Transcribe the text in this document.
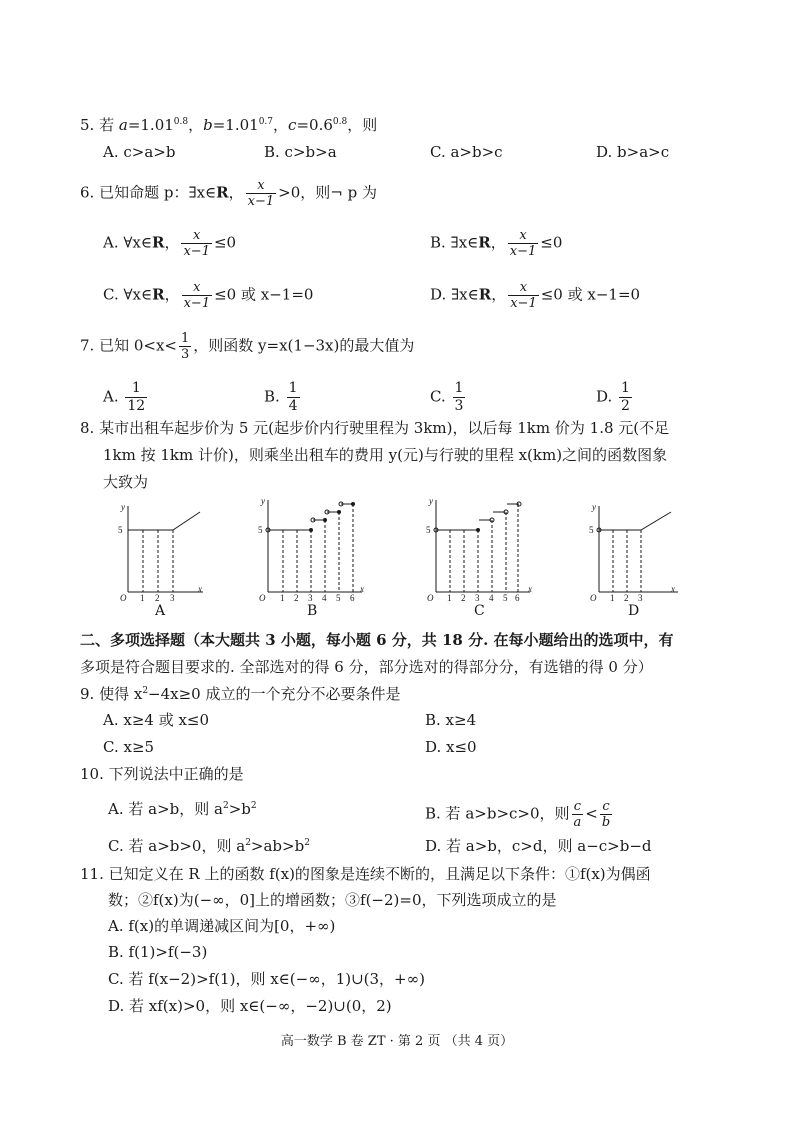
5. 若 $a=1.01^{0.8}$，$b=1.01^{0.7}$，$c=0.6^{0.8}$，则
A. c>a>b	B. c>b>a	C. a>b>c	D. b>a>c
6. 已知命题 p：∃x∈R， $\frac{x}{x-1} >0$，则¬ p 为
A. ∀x∈R， $\frac{x}{x-1} \le 0$	B. ∃x∈R， $\frac{x}{x-1} \le 0$
C. ∀x∈R， $\frac{x}{x-1} \le 0$ 或 x−1=0	D. ∃x∈R， $\frac{x}{x-1} \le 0$ 或 x−1=0
7. 已知 $0<x< \frac{1}{3}$ ，则函数 y=x(1−3x)的最大值为
A. $\frac{1}{12}$	B. $\frac{1}{4}$	C. $\frac{1}{3}$	D. $\frac{1}{2}$
8. 某市出租车起步价为 5 元(起步价内行驶里程为 3km)，以后每 1km 价为 1.8 元(不足
1km 按 1km 计价)，则乘坐出租车的费用 y(元)与行驶的里程 x(km)之间的函数图象
大致为
y
x
O
5
1 2 3
A
y
x
O
5
1 2 3 4 5 6
B
y
x
O
5
1 2 3 4 5 6
C
y
x
O
5
1 2 3
D
二、多项选择题（本大题共 3 小题，每小题 6 分，共 18 分. 在每小题给出的选项中，有
多项是符合题目要求的. 全部选对的得 6 分，部分选对的得部分分，有选错的得 0 分）
9. 使得 $x^2-4x\ge 0$ 成立的一个充分不必要条件是
A. x≥4 或 x≤0	B. x≥4
C. x≥5	D. x≤0
10. 下列说法中正确的是
A. 若 a>b，则 $a^2>b^2$	B. 若 a>b>c>0，则 $\frac{c}{a} < \frac{c}{b}$
C. 若 a>b>0，则 $a^2>ab>b^2$	D. 若 a>b，c>d，则 a−c>b−d
11. 已知定义在 R 上的函数 f(x)的图象是连续不断的，且满足以下条件：①f(x)为偶函
数；②f(x)为(−∞，0]上的增函数；③f(−2)=0，下列选项成立的是
A. f(x)的单调递减区间为[0，+∞)
B. f(1)>f(−3)
C. 若 f(x−2)>f(1)，则 x∈(−∞，1)∪(3，+∞)
D. 若 xf(x)>0，则 x∈(−∞，−2)∪(0，2)
高一数学 B 卷 ZT · 第 2 页 （共 4 页）
